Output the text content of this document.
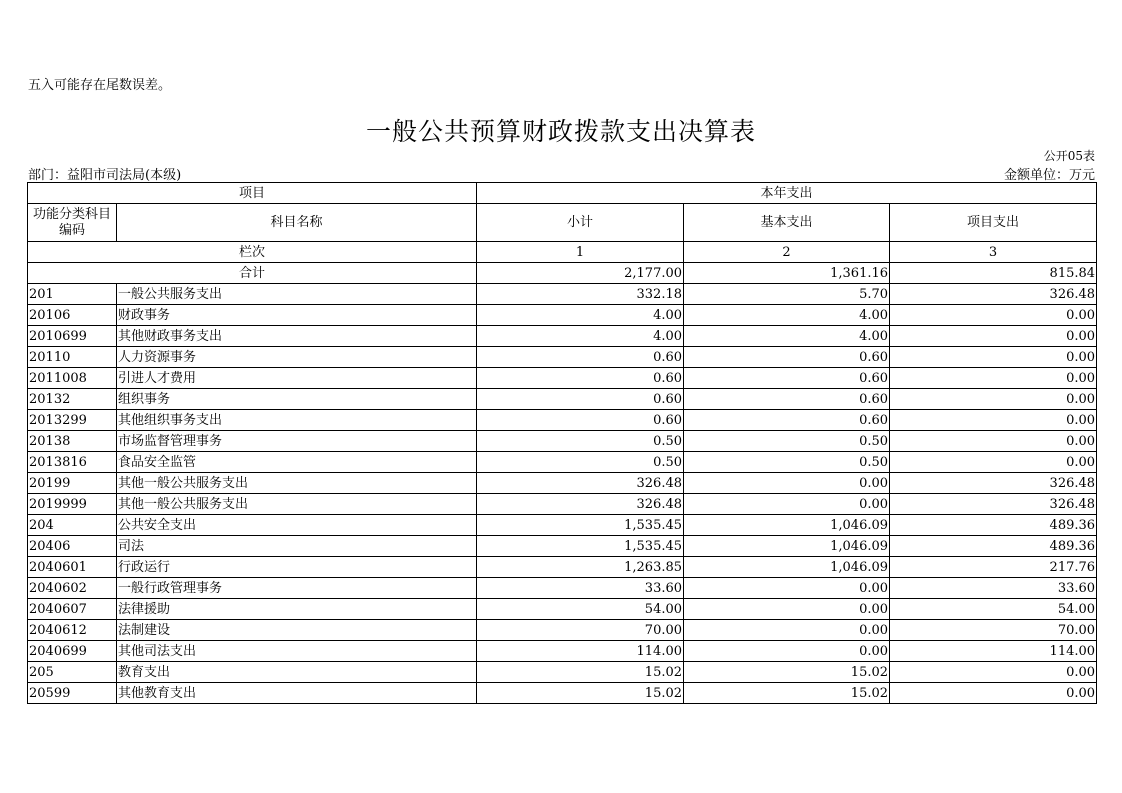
五入可能存在尾数误差。
一般公共预算财政拨款支出决算表
公开05表
部门：益阳市司法局(本级)	金额单位：万元
项目		本年支出		
功能分类科目编码	科目名称	小计	基本支出	项目支出
栏次		1	2	3
合计		2,177.00	1,361.16	815.84
201	一般公共服务支出	332.18	5.70	326.48
20106	财政事务	4.00	4.00	0.00
2010699	其他财政事务支出	4.00	4.00	0.00
20110	人力资源事务	0.60	0.60	0.00
2011008	引进人才费用	0.60	0.60	0.00
20132	组织事务	0.60	0.60	0.00
2013299	其他组织事务支出	0.60	0.60	0.00
20138	市场监督管理事务	0.50	0.50	0.00
2013816	食品安全监管	0.50	0.50	0.00
20199	其他一般公共服务支出	326.48	0.00	326.48
2019999	其他一般公共服务支出	326.48	0.00	326.48
204	公共安全支出	1,535.45	1,046.09	489.36
20406	司法	1,535.45	1,046.09	489.36
2040601	行政运行	1,263.85	1,046.09	217.76
2040602	一般行政管理事务	33.60	0.00	33.60
2040607	法律援助	54.00	0.00	54.00
2040612	法制建设	70.00	0.00	70.00
2040699	其他司法支出	114.00	0.00	114.00
205	教育支出	15.02	15.02	0.00
20599	其他教育支出	15.02	15.02	0.00
